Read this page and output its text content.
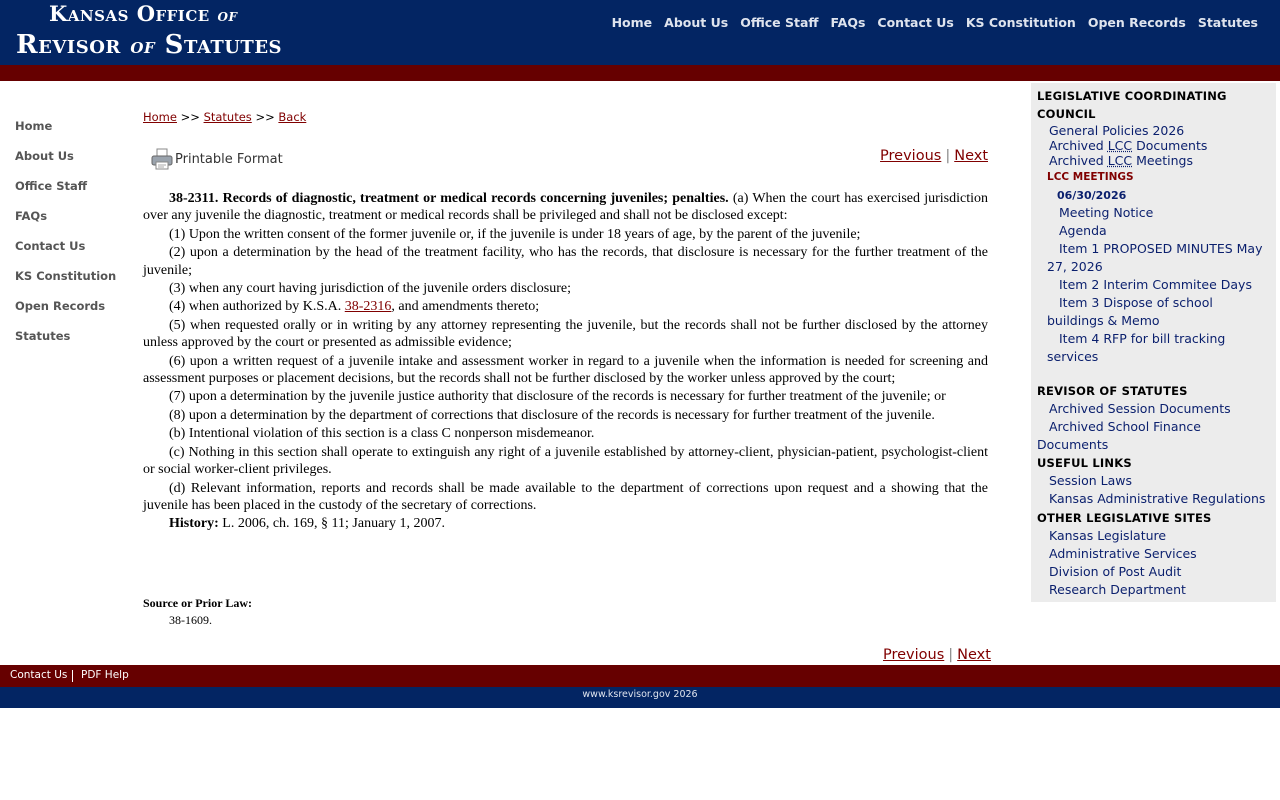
Kansas Office of
Revisor of Statutes
Home About Us Office Staff FAQs Contact Us KS Constitution Open Records Statutes
Home
About Us
Office Staff
FAQs
Contact Us
KS Constitution
Open Records
Statutes
Home >> Statutes >> Back
Printable Format	Previous | Next

38-2311. Records of diagnostic, treatment or medical records concerning juveniles; penalties. (a) When the court has exercised jurisdiction over any juvenile the diagnostic, treatment or medical records shall be privileged and shall not be disclosed except:

(1) Upon the written consent of the former juvenile or, if the juvenile is under 18 years of age, by the parent of the juvenile;

(2) upon a determination by the head of the treatment facility, who has the records, that disclosure is necessary for the further treatment of the juvenile;

(3) when any court having jurisdiction of the juvenile orders disclosure;

(4) when authorized by K.S.A. 38-2316, and amendments thereto;

(5) when requested orally or in writing by any attorney representing the juvenile, but the records shall not be further disclosed by the attorney unless approved by the court or presented as admissible evidence;

(6) upon a written request of a juvenile intake and assessment worker in regard to a juvenile when the information is needed for screening and assessment purposes or placement decisions, but the records shall not be further disclosed by the worker unless approved by the court;

(7) upon a determination by the juvenile justice authority that disclosure of the records is necessary for further treatment of the juvenile; or

(8) upon a determination by the department of corrections that disclosure of the records is necessary for further treatment of the juvenile.

(b) Intentional violation of this section is a class C nonperson misdemeanor.

(c) Nothing in this section shall operate to extinguish any right of a juvenile established by attorney-client, physician-patient, psychologist-client or social worker-client privileges.

(d) Relevant information, reports and records shall be made available to the department of corrections upon request and a showing that the juvenile has been placed in the custody of the secretary of corrections.

History: L. 2006, ch. 169, § 11; January 1, 2007.

Source or Prior Law:
38-1609.
Previous | Next
LEGISLATIVE COORDINATING
COUNCIL
General Policies 2026
Archived LCC Documents
Archived LCC Meetings
LCC MEETINGS
06/30/2026
Meeting Notice
Agenda
Item 1 PROPOSED MINUTES May
27, 2026
Item 2 Interim Commitee Days
Item 3 Dispose of school
buildings & Memo
Item 4 RFP for bill tracking
services
REVISOR OF STATUTES
Archived Session Documents
Archived School Finance
Documents
USEFUL LINKS
Session Laws
Kansas Administrative Regulations
OTHER LEGISLATIVE SITES
Kansas Legislature
Administrative Services
Division of Post Audit
Research Department
Contact Us PDF Help
www.ksrevisor.gov 2026
